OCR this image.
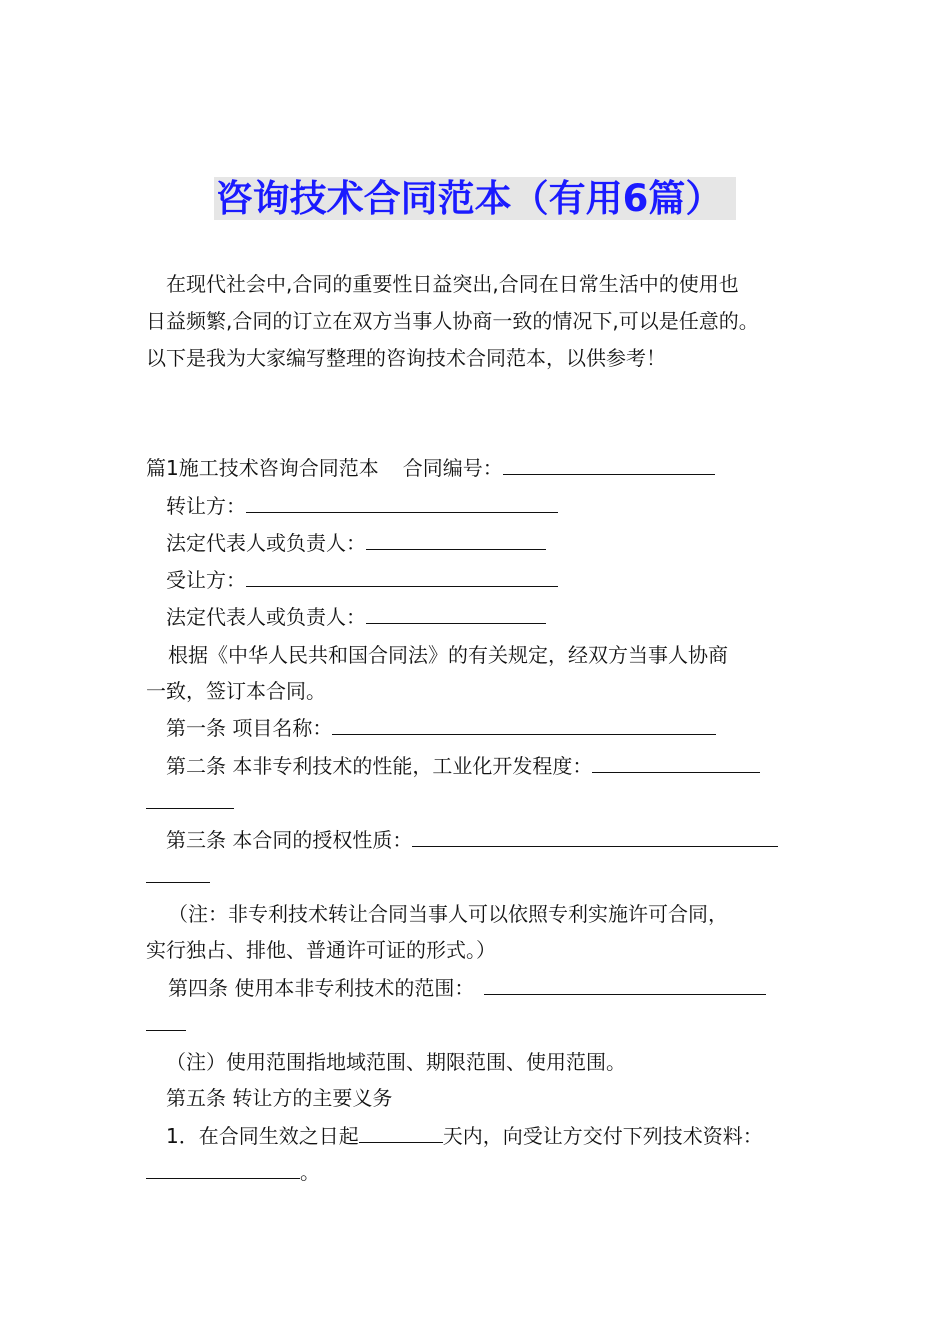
咨询技术合同范本（有用6篇）

在现代社会中,合同的重要性日益突出,合同在日常生活中的使用也

日益频繁,合同的订立在双方当事人协商一致的情况下,可以是任意的。

以下是我为大家编写整理的咨询技术合同范本，以供参考！

篇1施工技术咨询合同范本 合同编号：
转让方：
法定代表人或负责人：
受让方：
法定代表人或负责人：
根据《中华人民共和国合同法》的有关规定，经双方当事人协商
一致，签订本合同。
第一条 项目名称：
第二条 本非专利技术的性能，工业化开发程度：
第三条 本合同的授权性质：
（注：非专利技术转让合同当事人可以依照专利实施许可合同，
实行独占、排他、普通许可证的形式。）
第四条 使用本非专利技术的范围：
（注）使用范围指地域范围、期限范围、使用范围。
第五条 转让方的主要义务
1．在合同生效之日起	天内，向受让方交付下列技术资料：
。
